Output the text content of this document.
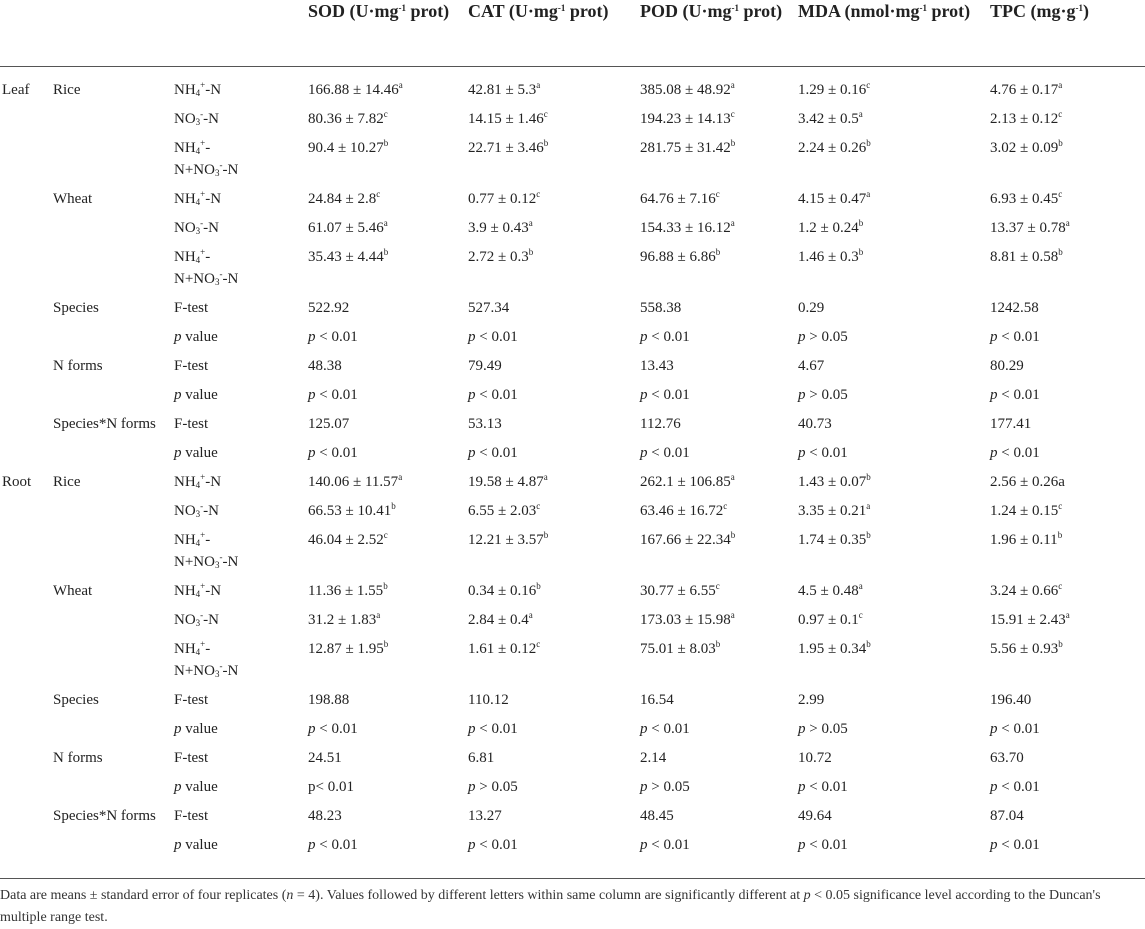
			SOD ($U\cdot mg^{-1}$ prot)	CAT ($U\cdot mg^{-1}$ prot)	POD ($U\cdot mg^{-1}$ prot)	MDA ($nmol\cdot mg^{-1}$ prot)	TPC $(mg\cdot g^{-1})$

Leaf	Rice	$NH_4^+-N$	166.88 ± 14.46$^a$	42.81 ± 5.3$^a$	385.08 ± 48.92$^a$	1.29 ± 0.16$^c$	4.76 ± 0.17$^a$
		$NO_3^--N$	80.36 ± 7.82$^c$	14.15 ± 1.46$^c$	194.23 ± 14.13$^c$	3.42 ± 0.5$^a$	2.13 ± 0.12$^c$
		$NH_4^+-$
$N+NO_3^--N$	90.4 ± 10.27$^b$	22.71 ± 3.46$^b$	281.75 ± 31.42$^b$	2.24 ± 0.26$^b$	3.02 ± 0.09$^b$
	Wheat	$NH_4^+-N$	24.84 ± 2.8$^c$	0.77 ± 0.12$^c$	64.76 ± 7.16$^c$	4.15 ± 0.47$^a$	6.93 ± 0.45$^c$
		$NO_3^--N$	61.07 ± 5.46$^a$	3.9 ± 0.43$^a$	154.33 ± 16.12$^a$	1.2 ± 0.24$^b$	13.37 ± 0.78$^a$
		$NH_4^+-$
$N+NO_3^--N$	35.43 ± 4.44$^b$	2.72 ± 0.3$^b$	96.88 ± 6.86$^b$	1.46 ± 0.3$^b$	8.81 ± 0.58$^b$
	Species	F-test	522.92	527.34	558.38	0.29	1242.58
		p value	p < 0.01	p < 0.01	p < 0.01	p > 0.05	p < 0.01
	N forms	F-test	48.38	79.49	13.43	4.67	80.29
		p value	p < 0.01	p < 0.01	p < 0.01	p > 0.05	p < 0.01
	Species*N forms	F-test	125.07	53.13	112.76	40.73	177.41
		p value	p < 0.01	p < 0.01	p < 0.01	p < 0.01	p < 0.01
Root	Rice	$NH_4^+-N$	140.06 ± 11.57$^a$	19.58 ± 4.87$^a$	262.1 ± 106.85$^a$	1.43 ± 0.07$^b$	2.56 ± 0.26a
		$NO_3^--N$	66.53 ± 10.41$^b$	6.55 ± 2.03$^c$	63.46 ± 16.72$^c$	3.35 ± 0.21$^a$	1.24 ± 0.15$^c$
		$NH_4^+-$
$N+NO_3^--N$	46.04 ± 2.52$^c$	12.21 ± 3.57$^b$	167.66 ± 22.34$^b$	1.74 ± 0.35$^b$	1.96 ± 0.11$^b$
	Wheat	$NH_4^+-N$	11.36 ± 1.55$^b$	0.34 ± 0.16$^b$	30.77 ± 6.55$^c$	4.5 ± 0.48$^a$	3.24 ± 0.66$^c$
		$NO_3^--N$	31.2 ± 1.83$^a$	2.84 ± 0.4$^a$	173.03 ± 15.98$^a$	0.97 ± 0.1$^c$	15.91 ± 2.43$^a$
		$NH_4^+-$
$N+NO_3^--N$	12.87 ± 1.95$^b$	1.61 ± 0.12$^c$	75.01 ± 8.03$^b$	1.95 ± 0.34$^b$	5.56 ± 0.93$^b$
	Species	F-test	198.88	110.12	16.54	2.99	196.40
		p value	p < 0.01	p < 0.01	p < 0.01	p > 0.05	p < 0.01
	N forms	F-test	24.51	6.81	2.14	10.72	63.70
		p value	p< 0.01	p > 0.05	p > 0.05	p < 0.01	p < 0.01
	Species*N forms	F-test	48.23	13.27	48.45	49.64	87.04
		p value	p < 0.01	p < 0.01	p < 0.01	p < 0.01	p < 0.01
Data are means ± standard error of four replicates (n = 4). Values followed by different letters within same column are significantly different at p < 0.05 significance level according to the Duncan's multiple range test.
